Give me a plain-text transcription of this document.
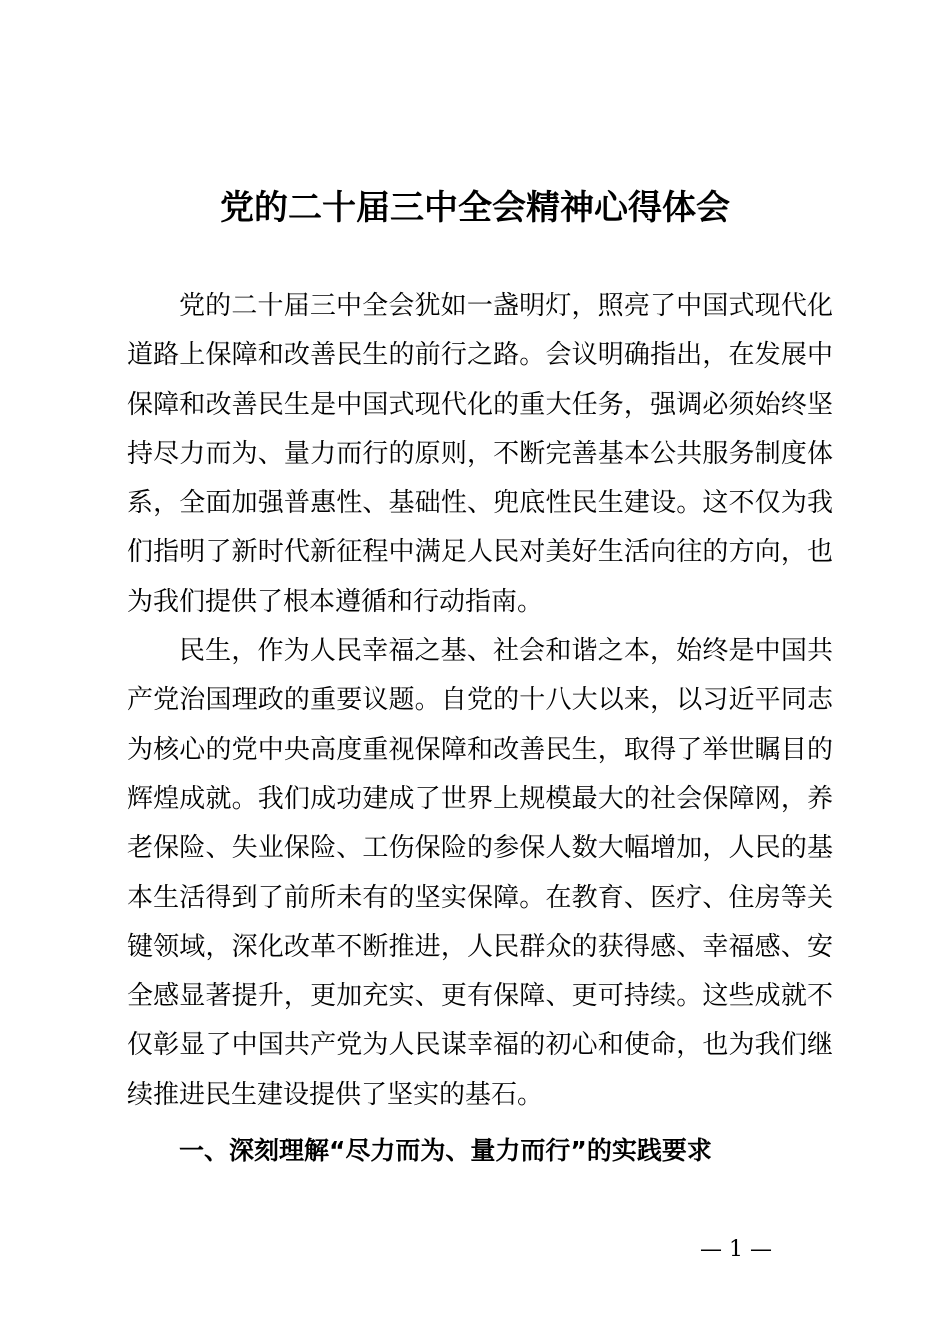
党的二十届三中全会精神心得体会

党的二十届三中全会犹如一盏明灯，照亮了中国式现代化道路上保障和改善民生的前行之路。会议明确指出，在发展中保障和改善民生是中国式现代化的重大任务，强调必须始终坚持尽力而为、量力而行的原则，不断完善基本公共服务制度体系，全面加强普惠性、基础性、兜底性民生建设。这不仅为我们指明了新时代新征程中满足人民对美好生活向往的方向，也为我们提供了根本遵循和行动指南。

民生，作为人民幸福之基、社会和谐之本，始终是中国共产党治国理政的重要议题。自党的十八大以来，以习近平同志为核心的党中央高度重视保障和改善民生，取得了举世瞩目的辉煌成就。我们成功建成了世界上规模最大的社会保障网，养老保险、失业保险、工伤保险的参保人数大幅增加，人民的基本生活得到了前所未有的坚实保障。在教育、医疗、住房等关键领域，深化改革不断推进，人民群众的获得感、幸福感、安全感显著提升，更加充实、更有保障、更可持续。这些成就不仅彰显了中国共产党为人民谋幸福的初心和使命，也为我们继续推进民生建设提供了坚实的基石。

一、深刻理解“尽力而为、量力而行”的实践要求

— 1 —
